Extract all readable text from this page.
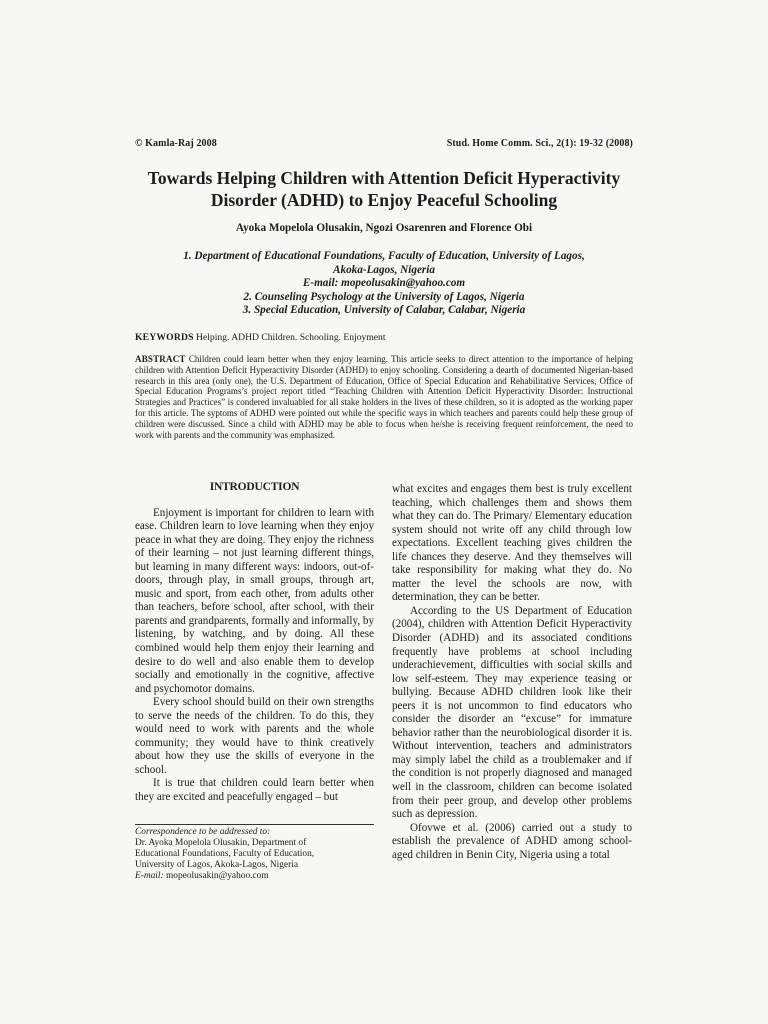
© Kamla-Raj 2008	Stud. Home Comm. Sci., 2(1): 19-32 (2008)
Towards Helping Children with Attention Deficit Hyperactivity Disorder (ADHD) to Enjoy Peaceful Schooling
Ayoka Mopelola Olusakin, Ngozi Osarenren and Florence Obi
1. Department of Educational Foundations, Faculty of Education, University of Lagos,
Akoka-Lagos, Nigeria
E-mail: mopeolusakin@yahoo.com
2. Counseling Psychology at the University of Lagos, Nigeria
3. Special Education, University of Calabar, Calabar, Nigeria
KEYWORDS Helping. ADHD Children. Schooling. Enjoyment
ABSTRACT Children could learn better when they enjoy learning. This article seeks to direct attention to the importance of helping children with Attention Deficit Hyperactivity Disorder (ADHD) to enjoy schooling. Considering a dearth of documented Nigerian-based research in this area (only one), the U.S. Department of Education, Office of Special Education and Rehabilitative Services, Office of Special Education Programs’s project report titled “Teaching Children with Attention Deficit Hyperactivity Disorder: Instructional Strategies and Practices” is condered invaluabled for all stake holders in the lives of these children, so it is adopted as the working paper for this article. The syptoms of ADHD were pointed out while the specific ways in which teachers and parents could help these group of children were discussed. Since a child with ADHD may be able to focus when he/she is receiving frequent reinforcement, the need to work with parents and the community was emphasized.
INTRODUCTION

Enjoyment is important for children to learn with ease. Children learn to love learning when they enjoy peace in what they are doing. They enjoy the richness of their learning – not just learning different things, but learning in many different ways: indoors, out-of-doors, through play, in small groups, through art, music and sport, from each other, from adults other than teachers, before school, after school, with their parents and grandparents, formally and informally, by listening, by watching, and by doing. All these combined would help them enjoy their learning and desire to do well and also enable them to develop socially and emotionally in the cognitive, affective and psychomotor domains.

Every school should build on their own strengths to serve the needs of the children. To do this, they would need to work with parents and the whole community; they would have to think creatively about how they use the skills of everyone in the school.

It is true that children could learn better when they are excited and peacefully engaged – but

what excites and engages them best is truly excellent teaching, which challenges them and shows them what they can do. The Primary/ Elementary education system should not write off any child through low expectations. Excellent teaching gives children the life chances they deserve. And they themselves will take responsibility for making what they do. No matter the level the schools are now, with determination, they can be better.

According to the US Department of Education (2004), children with Attention Deficit Hyperactivity Disorder (ADHD) and its associated conditions frequently have problems at school including underachievement, difficulties with social skills and low self-esteem. They may experience teasing or bullying. Because ADHD children look like their peers it is not uncommon to find educators who consider the disorder an “excuse” for immature behavior rather than the neurobiological disorder it is. Without intervention, teachers and administrators may simply label the child as a troublemaker and if the condition is not properly diagnosed and managed well in the classroom, children can become isolated from their peer group, and develop other problems such as depression.

Ofovwe et al. (2006) carried out a study to establish the prevalence of ADHD among school-aged children in Benin City, Nigeria using a total

Correspondence to be addressed to:
Dr. Ayoka Mopelola Olusakin, Department of
Educational Foundations, Faculty of Education,
University of Lagos, Akoka-Lagos, Nigeria
E-mail: mopeolusakin@yahoo.com
